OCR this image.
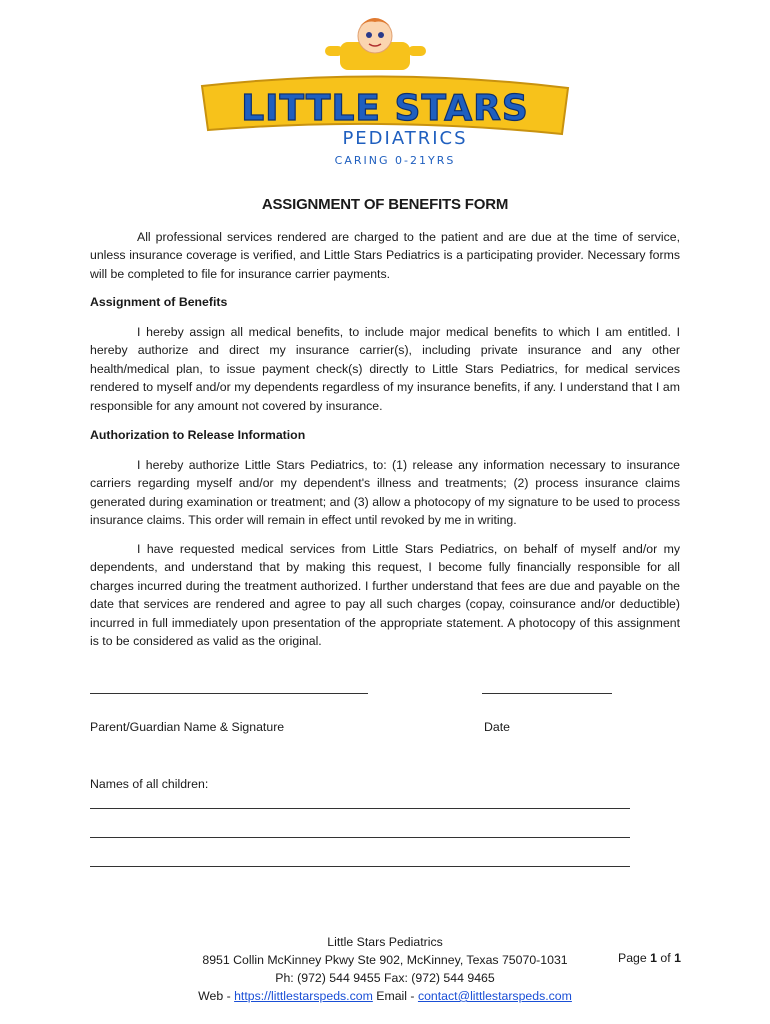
LITTLE STARS
PEDIATRICS
CARING 0-21YRS
ASSIGNMENT OF BENEFITS FORM
All professional services rendered are charged to the patient and are due at the time of service, unless insurance coverage is verified, and Little Stars Pediatrics is a participating provider. Necessary forms will be completed to file for insurance carrier payments.
Assignment of Benefits
I hereby assign all medical benefits, to include major medical benefits to which I am entitled. I hereby authorize and direct my insurance carrier(s), including private insurance and any other health/medical plan, to issue payment check(s) directly to Little Stars Pediatrics, for medical services rendered to myself and/or my dependents regardless of my insurance benefits, if any. I understand that I am responsible for any amount not covered by insurance.
Authorization to Release Information
I hereby authorize Little Stars Pediatrics, to: (1) release any information necessary to insurance carriers regarding myself and/or my dependent's illness and treatments; (2) process insurance claims generated during examination or treatment; and (3) allow a photocopy of my signature to be used to process insurance claims. This order will remain in effect until revoked by me in writing.
I have requested medical services from Little Stars Pediatrics, on behalf of myself and/or my dependents, and understand that by making this request, I become fully financially responsible for all charges incurred during the treatment authorized. I further understand that fees are due and payable on the date that services are rendered and agree to pay all such charges (copay, coinsurance and/or deductible) incurred in full immediately upon presentation of the appropriate statement. A photocopy of this assignment is to be considered as valid as the original.
Parent/Guardian Name & Signature	Date
Names of all children:
Little Stars Pediatrics
8951 Collin McKinney Pkwy Ste 902, McKinney, Texas 75070-1031
Ph: (972) 544 9455 Fax: (972) 544 9465
Web - https://littlestarspeds.com Email - contact@littlestarspeds.com
Page 1 of 1
